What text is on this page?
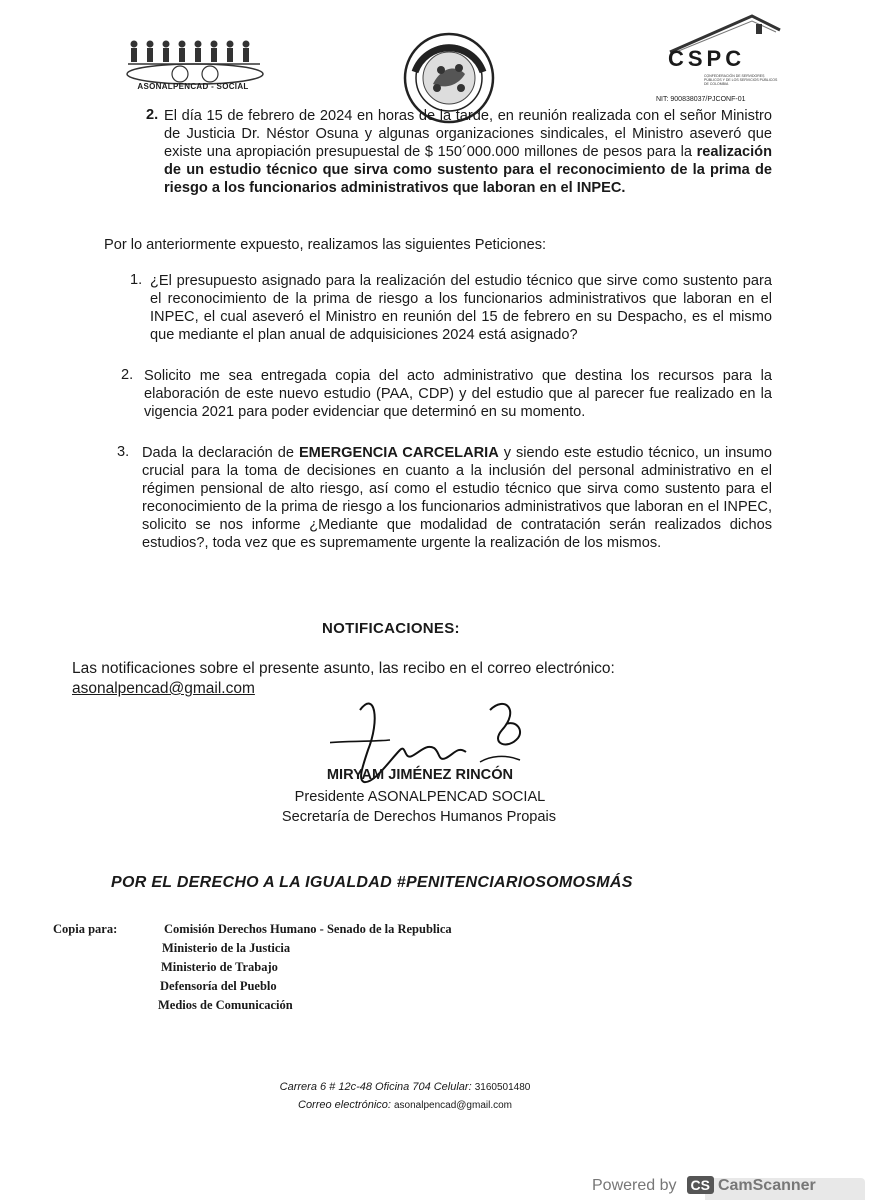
ASONALPENCAD - SOCIAL
CSPC
CONFEDERACIÓN DE SERVIDORES PÚBLICOS Y DE LOS SERVICIOS PÚBLICOS DE COLOMBIA
NIT: 900838037/PJCONF-01
2. El día 15 de febrero de 2024 en horas de la tarde, en reunión realizada con el señor Ministro de Justicia Dr. Néstor Osuna y algunas organizaciones sindicales, el Ministro aseveró que existe una apropiación presupuestal de $ 150´000.000 millones de pesos para la realización de un estudio técnico que sirva como sustento para el reconocimiento de la prima de riesgo a los funcionarios administrativos que laboran en el INPEC.
Por lo anteriormente expuesto, realizamos las siguientes Peticiones:
1. ¿El presupuesto asignado para la realización del estudio técnico que sirve como sustento para el reconocimiento de la prima de riesgo a los funcionarios administrativos que laboran en el INPEC, el cual aseveró el Ministro en reunión del 15 de febrero en su Despacho, es el mismo que mediante el plan anual de adquisiciones 2024 está asignado?
2. Solicito me sea entregada copia del acto administrativo que destina los recursos para la elaboración de este nuevo estudio (PAA, CDP) y del estudio que al parecer fue realizado en la vigencia 2021 para poder evidenciar que determinó en su momento.
3. Dada la declaración de EMERGENCIA CARCELARIA y siendo este estudio técnico, un insumo crucial para la toma de decisiones en cuanto a la inclusión del personal administrativo en el régimen pensional de alto riesgo, así como el estudio técnico que sirva como sustento para el reconocimiento de la prima de riesgo a los funcionarios administrativos que laboran en el INPEC, solicito se nos informe ¿Mediante que modalidad de contratación serán realizados dichos estudios?, toda vez que es supremamente urgente la realización de los mismos.
NOTIFICACIONES:
Las notificaciones sobre el presente asunto, las recibo en el correo electrónico:
asonalpencad@gmail.com
MIRYAM JIMÉNEZ RINCÓN
Presidente ASONALPENCAD SOCIAL
Secretaría de Derechos Humanos Propais
POR EL DERECHO A LA IGUALDAD #PENITENCIARIOSOMOSMÁS
Copia para:	Comisión Derechos Humano - Senado de la Republica
Ministerio de la Justicia
Ministerio de Trabajo
Defensoría del Pueblo
Medios de Comunicación
Carrera 6 # 12c-48 Oficina 704 Celular: 3160501480
Correo electrónico: asonalpencad@gmail.com
Powered by CS CamScanner
